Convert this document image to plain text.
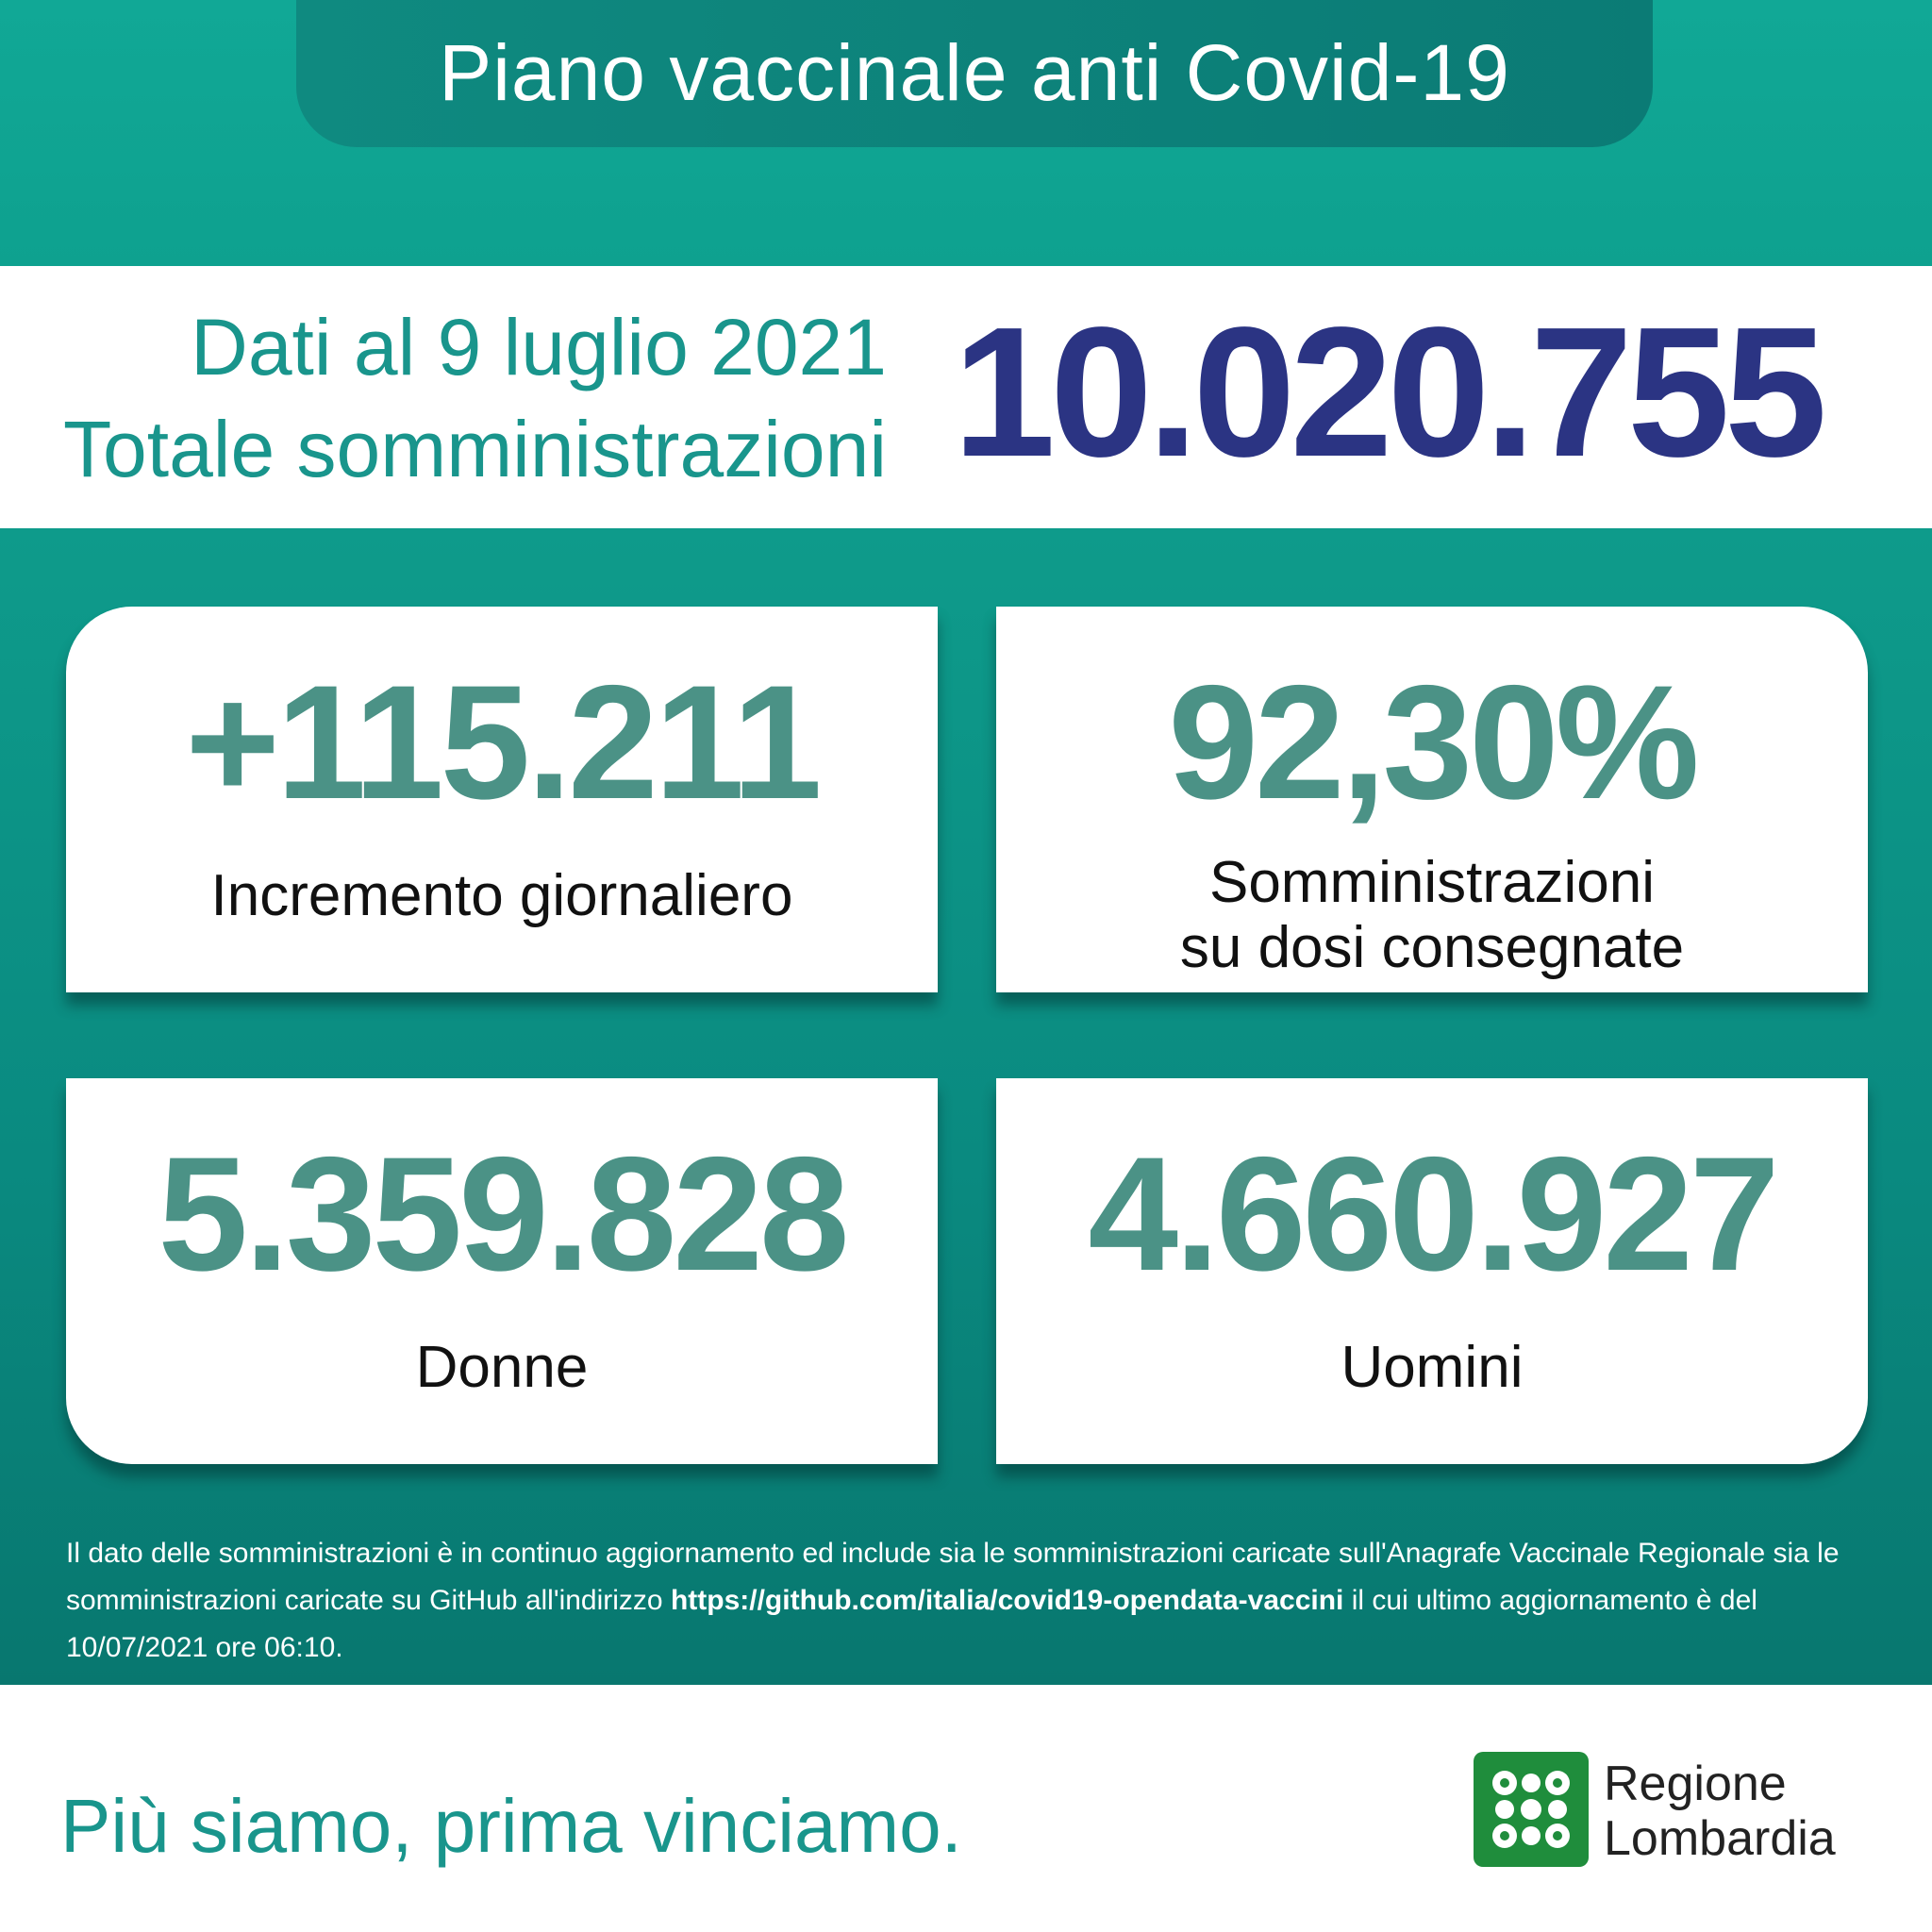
Piano vaccinale anti Covid-19
Dati al 9 luglio 2021
Totale somministrazioni 10.020.755
+115.211
Incremento giornaliero
92,30%
Somministrazioni
su dosi consegnate
5.359.828
Donne
4.660.927
Uomini
Il dato delle somministrazioni è in continuo aggiornamento ed include sia le somministrazioni caricate sull'Anagrafe Vaccinale Regionale sia le somministrazioni caricate su GitHub all'indirizzo https://github.com/italia/covid19-opendata-vaccini il cui ultimo aggiornamento è del 10/07/2021 ore 06:10.
Più siamo, prima vinciamo.	Regione
Lombardia
